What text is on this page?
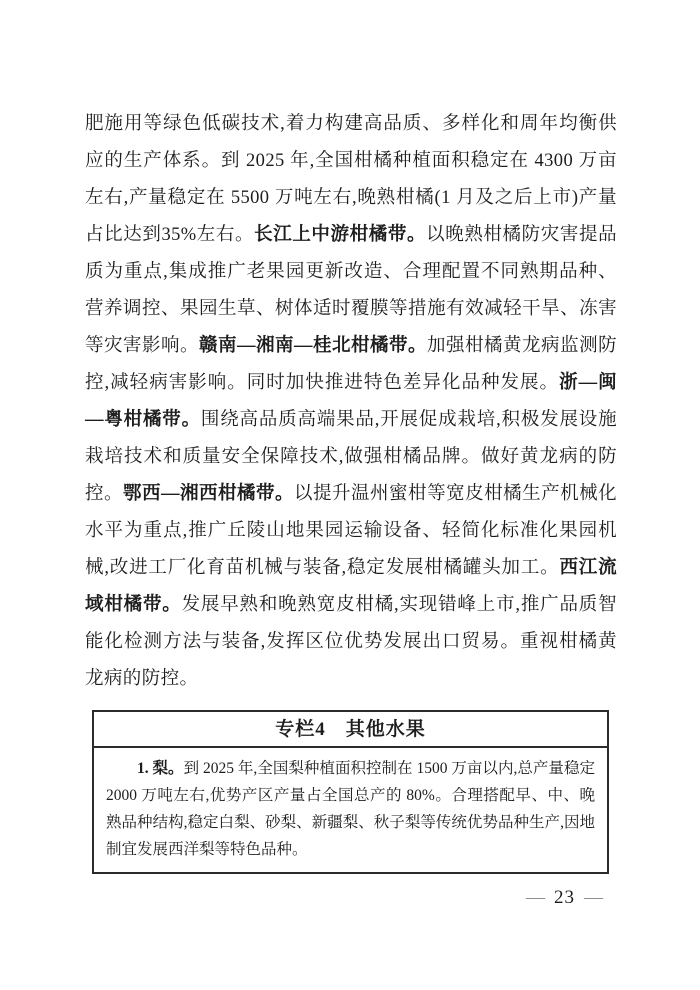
肥施用等绿色低碳技术,着力构建高品质、多样化和周年均衡供应的生产体系。到 2025 年,全国柑橘种植面积稳定在 4300 万亩左右,产量稳定在 5500 万吨左右,晚熟柑橘(1 月及之后上市)产量占比达到35%左右。长江上中游柑橘带。以晚熟柑橘防灾害提品质为重点,集成推广老果园更新改造、合理配置不同熟期品种、营养调控、果园生草、树体适时覆膜等措施有效减轻干旱、冻害等灾害影响。赣南—湘南—桂北柑橘带。加强柑橘黄龙病监测防控,减轻病害影响。同时加快推进特色差异化品种发展。浙—闽—粤柑橘带。围绕高品质高端果品,开展促成栽培,积极发展设施栽培技术和质量安全保障技术,做强柑橘品牌。做好黄龙病的防控。鄂西—湘西柑橘带。以提升温州蜜柑等宽皮柑橘生产机械化水平为重点,推广丘陵山地果园运输设备、轻简化标准化果园机械,改进工厂化育苗机械与装备,稳定发展柑橘罐头加工。西江流域柑橘带。发展早熟和晚熟宽皮柑橘,实现错峰上市,推广品质智能化检测方法与装备,发挥区位优势发展出口贸易。重视柑橘黄龙病的防控。
专栏4　其他水果
1. 梨。到 2025 年,全国梨种植面积控制在 1500 万亩以内,总产量稳定 2000 万吨左右,优势产区产量占全国总产的 80%。合理搭配早、中、晚熟品种结构,稳定白梨、砂梨、新疆梨、秋子梨等传统优势品种生产,因地制宜发展西洋梨等特色品种。
— 23 —
